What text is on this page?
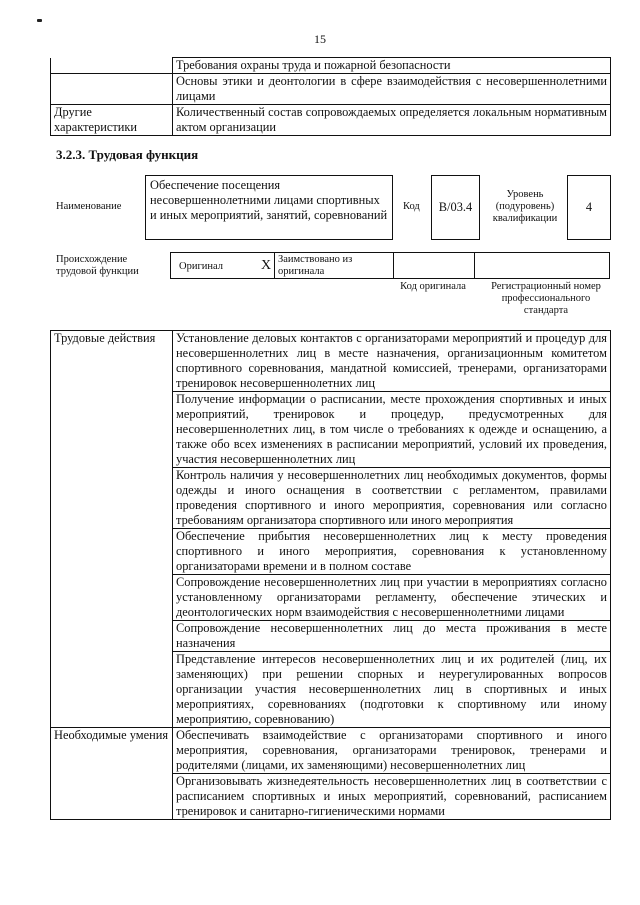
15
	Требования охраны труда и пожарной безопасности
	Основы этики и деонтологии в сфере взаимодействия с несовершеннолетними лицами
Другие характеристики	Количественный состав сопровождаемых определяется локальным нормативным актом организации
3.2.3. Трудовая функция
Наименование
Обеспечение посещения несовершеннолетними лицами спортивных и иных мероприятий, занятий, соревнований
Код	B/03.4
Уровень (подуровень) квалификации
4
Происхождение трудовой функции	Оригинал	X Заимствовано из оригинала
Код оригинала	Регистрационный номер профессионального стандарта
Трудовые действия	Установление деловых контактов с организаторами мероприятий и процедур для несовершеннолетних лиц в месте назначения, организационным комитетом спортивного соревнования, мандатной комиссией, тренерами, организаторами тренировок несовершеннолетних лиц
	Получение информации о расписании, месте прохождения спортивных и иных мероприятий, тренировок и процедур, предусмотренных для несовершеннолетних лиц, в том числе о требованиях к одежде и оснащению, а также обо всех изменениях в расписании мероприятий, условий их проведения, участия несовершеннолетних лиц
	Контроль наличия у несовершеннолетних лиц необходимых документов, формы одежды и иного оснащения в соответствии с регламентом, правилами проведения спортивного и иного мероприятия, соревнования или согласно требованиям организатора спортивного или иного мероприятия
	Обеспечение прибытия несовершеннолетних лиц к месту проведения спортивного и иного мероприятия, соревнования к установленному организаторами времени и в полном составе
	Сопровождение несовершеннолетних лиц при участии в мероприятиях согласно установленному организаторами регламенту, обеспечение этических и деонтологических норм взаимодействия с несовершеннолетними лицами
	Сопровождение несовершеннолетних лиц до места проживания в месте назначения
	Представление интересов несовершеннолетних лиц и их родителей (лиц, их заменяющих) при решении спорных и неурегулированных вопросов организации участия несовершеннолетних лиц в спортивных и иных мероприятиях, соревнованиях (подготовки к спортивному или иному мероприятию, соревнованию)
Необходимые умения	Обеспечивать взаимодействие с организаторами спортивного и иного мероприятия, соревнования, организаторами тренировок, тренерами и родителями (лицами, их заменяющими) несовершеннолетних лиц
	Организовывать жизнедеятельность несовершеннолетних лиц в соответствии с расписанием спортивных и иных мероприятий, соревнований, расписанием тренировок и санитарно-гигиеническими нормами
